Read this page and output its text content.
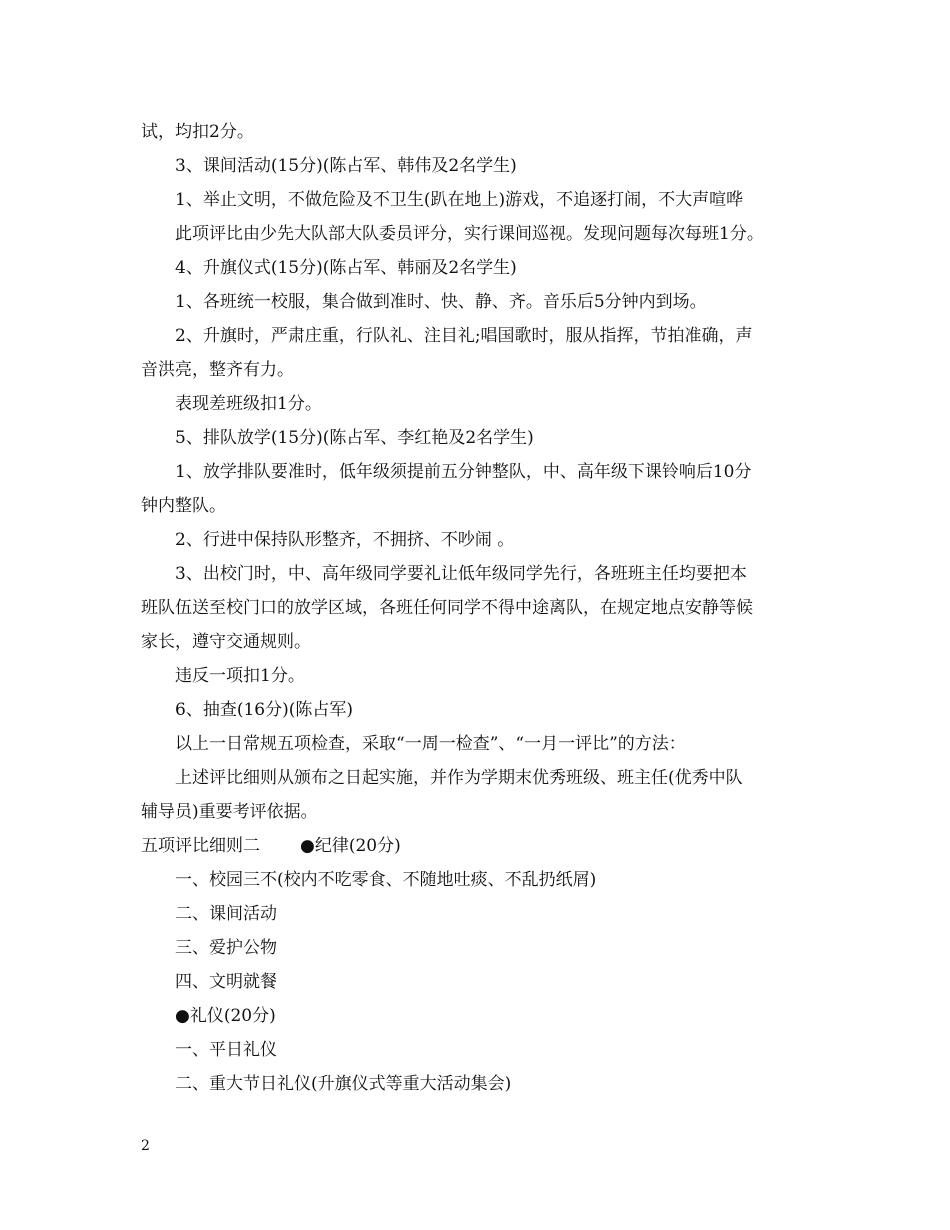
试，均扣2分。
3、课间活动(15分)(陈占军、韩伟及2名学生)
1、举止文明，不做危险及不卫生(趴在地上)游戏，不追逐打闹，不大声喧哗
此项评比由少先大队部大队委员评分，实行课间巡视。发现问题每次每班1分。
4、升旗仪式(15分)(陈占军、韩丽及2名学生)
1、各班统一校服，集合做到准时、快、静、齐。音乐后5分钟内到场。
2、升旗时，严肃庄重，行队礼、注目礼;唱国歌时，服从指挥，节拍准确，声
音洪亮，整齐有力。
表现差班级扣1分。
5、排队放学(15分)(陈占军、李红艳及2名学生)
1、放学排队要准时，低年级须提前五分钟整队，中、高年级下课铃响后10分
钟内整队。
2、行进中保持队形整齐，不拥挤、不吵闹 。
3、出校门时，中、高年级同学要礼让低年级同学先行，各班班主任均要把本
班队伍送至校门口的放学区域，各班任何同学不得中途离队，在规定地点安静等候
家长，遵守交通规则。
违反一项扣1分。
6、抽查(16分)(陈占军)
以上一日常规五项检查，采取“一周一检查”、“一月一评比”的方法：
上述评比细则从颁布之日起实施，并作为学期末优秀班级、班主任(优秀中队
辅导员)重要考评依据。
五项评比细则二 ●纪律(20分)
一、校园三不(校内不吃零食、不随地吐痰、不乱扔纸屑)
二、课间活动
三、爱护公物
四、文明就餐
●礼仪(20分)
一、平日礼仪
二、重大节日礼仪(升旗仪式等重大活动集会)
2
